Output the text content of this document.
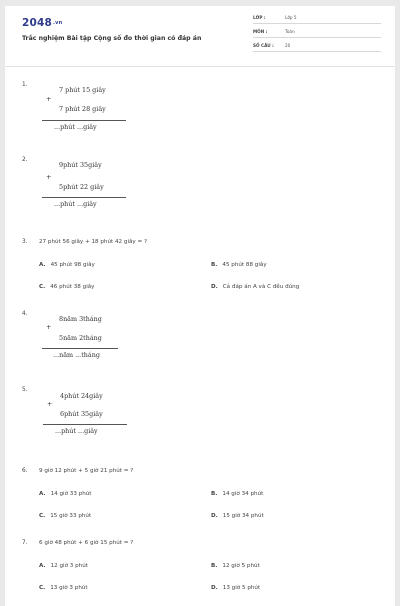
2048.vn
Trắc nghiệm Bài tập Cộng số đo thời gian có đáp án
LỚP :	Lớp 5
MÔN :	Toán
SỐ CÂU :	20
1.
7 phút 15 giây
+
7 phút 28 giây
...phút ...giây
2.
9phút 35giây
+
5phút 22 giây
...phút ...giây
3. 27 phút 56 giây + 18 phút 42 giây = ?
A. 45 phút 98 giây	B. 45 phút 88 giây
C. 46 phút 38 giây	D. Cả đáp án A và C đều đúng
4.
8năm 3tháng
+
5năm 2tháng
...năm ...tháng
5.
4phút 24giây
+
6phút 35giây
...phút ...giây
6. 9 giờ 12 phút + 5 giờ 21 phút = ?
A. 14 giờ 33 phút	B. 14 giờ 34 phút
C. 15 giờ 33 phút	D. 15 giờ 34 phút
7. 6 giờ 48 phút + 6 giờ 15 phút = ?
A. 12 giờ 3 phút	B. 12 giờ 5 phút
C. 13 giờ 3 phút	D. 13 giờ 5 phút
